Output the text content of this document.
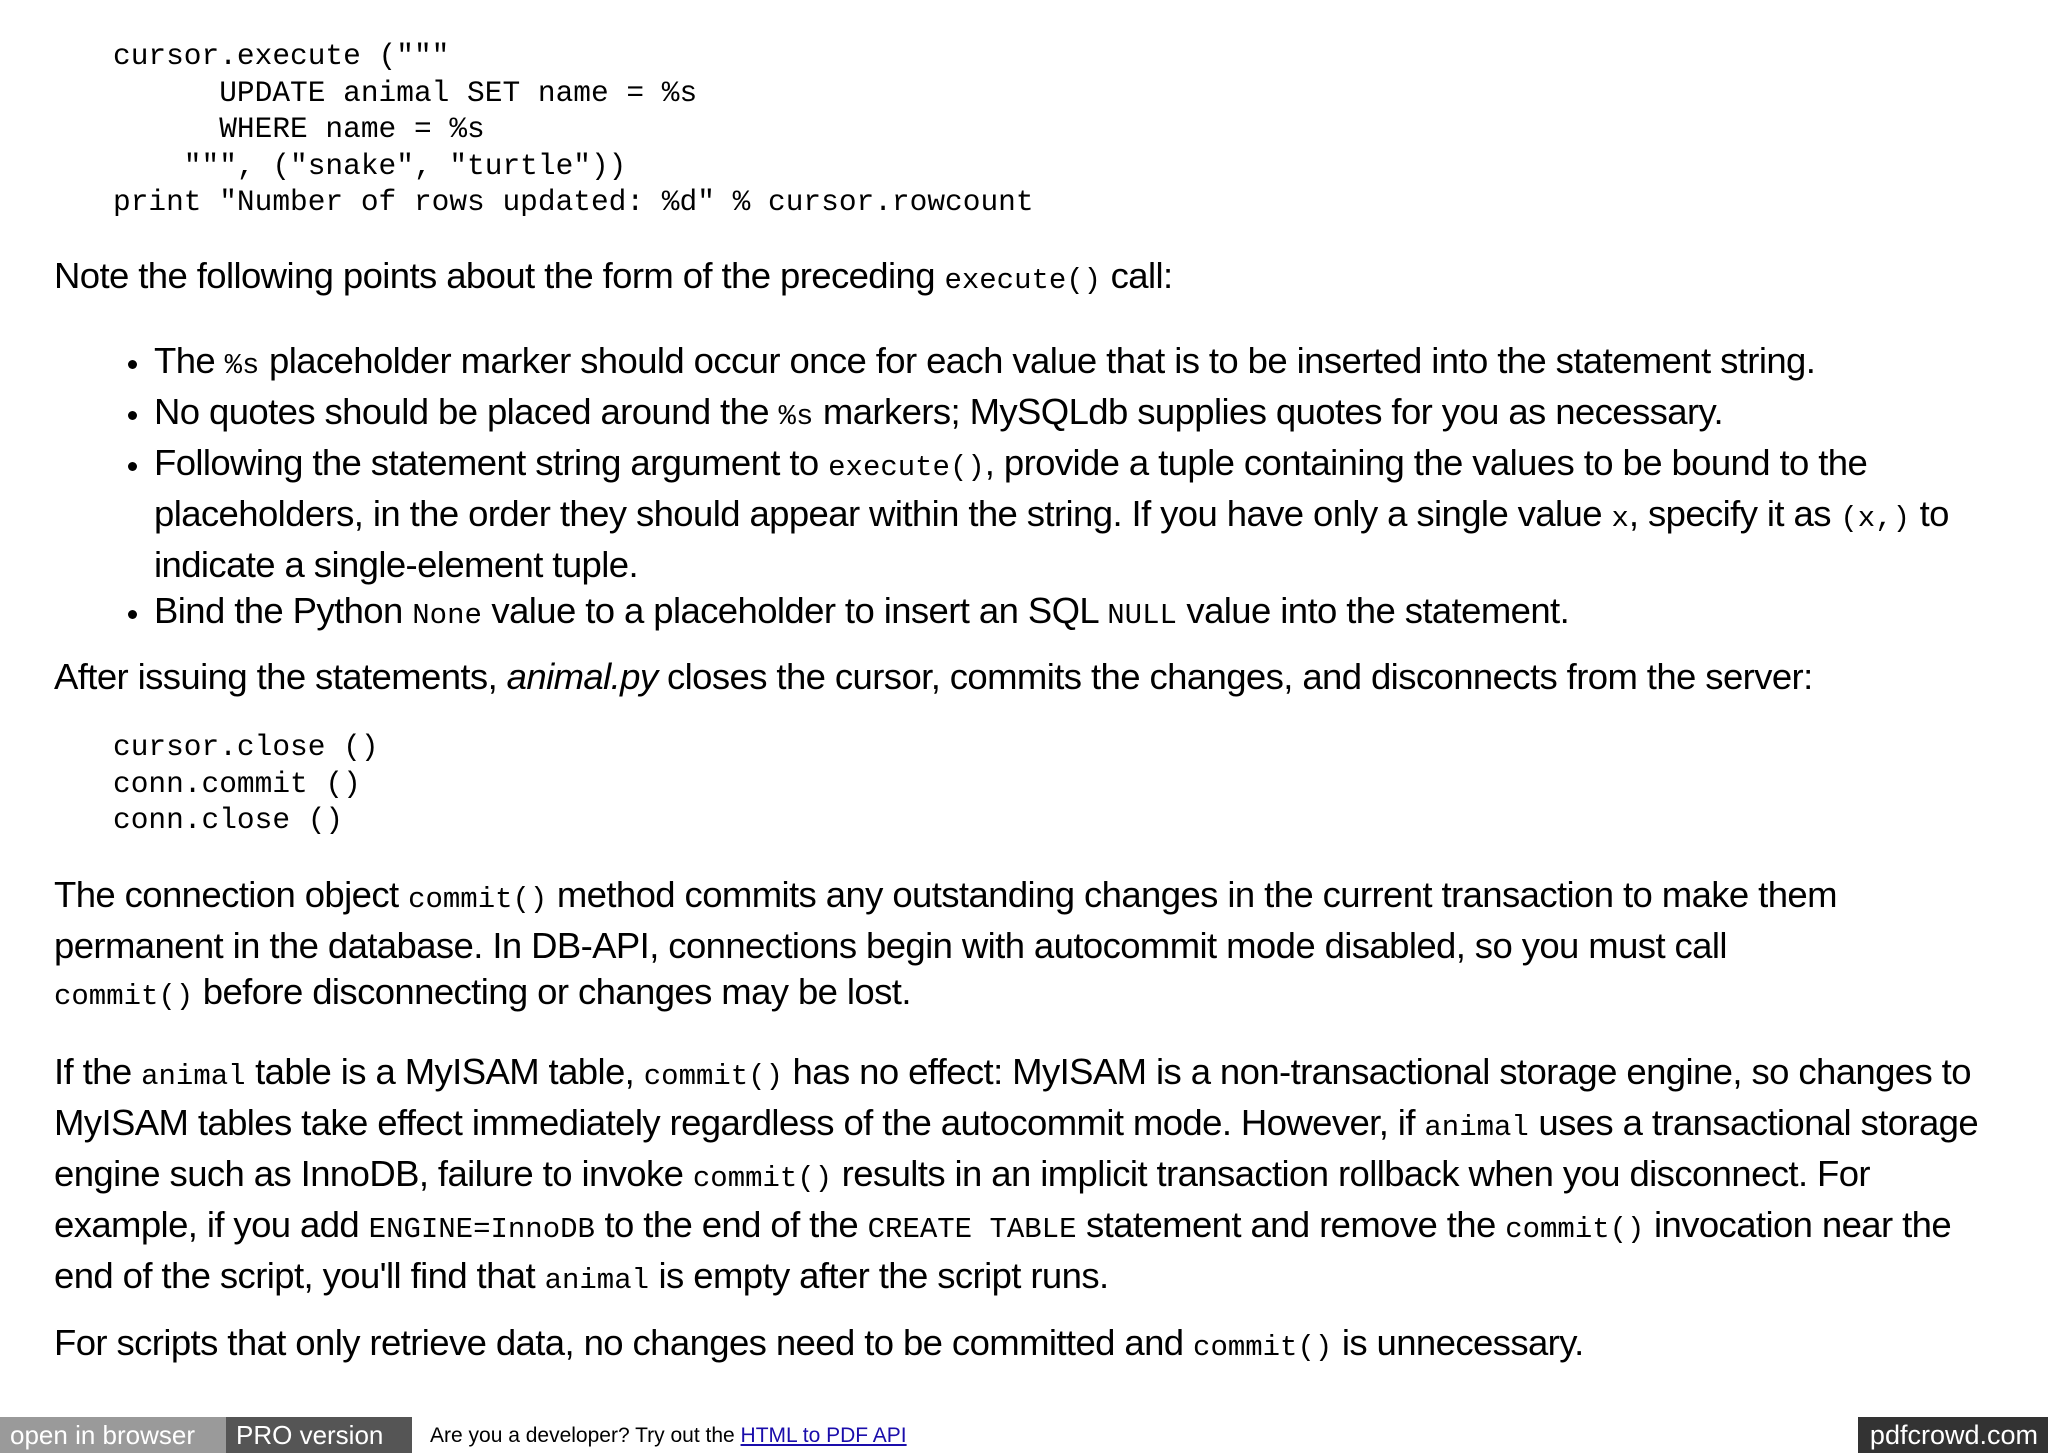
cursor.execute ("""
UPDATE animal SET name = %s
WHERE name = %s
""", ("snake", "turtle"))
print "Number of rows updated: %d" % cursor.rowcount

Note the following points about the form of the preceding execute() call:

• The %s placeholder marker should occur once for each value that is to be inserted into the statement string.
• No quotes should be placed around the %s markers; MySQLdb supplies quotes for you as necessary.
• Following the statement string argument to execute(), provide a tuple containing the values to be bound to the placeholders, in the order they should appear within the string. If you have only a single value x, specify it as (x,) to indicate a single-element tuple.
• Bind the Python None value to a placeholder to insert an SQL NULL value into the statement.

After issuing the statements, animal.py closes the cursor, commits the changes, and disconnects from the server:

cursor.close ()
conn.commit ()
conn.close ()

The connection object commit() method commits any outstanding changes in the current transaction to make them permanent in the database. In DB-API, connections begin with autocommit mode disabled, so you must call
commit() before disconnecting or changes may be lost.

If the animal table is a MyISAM table, commit() has no effect: MyISAM is a non-transactional storage engine, so changes to MyISAM tables take effect immediately regardless of the autocommit mode. However, if animal uses a transactional storage engine such as InnoDB, failure to invoke commit() results in an implicit transaction rollback when you disconnect. For example, if you add ENGINE=InnoDB to the end of the CREATE TABLE statement and remove the commit() invocation near the end of the script, you'll find that animal is empty after the script runs.

For scripts that only retrieve data, no changes need to be committed and commit() is unnecessary.

open in browser	PRO version	Are you a developer? Try out the HTML to PDF API	pdfcrowd.com
